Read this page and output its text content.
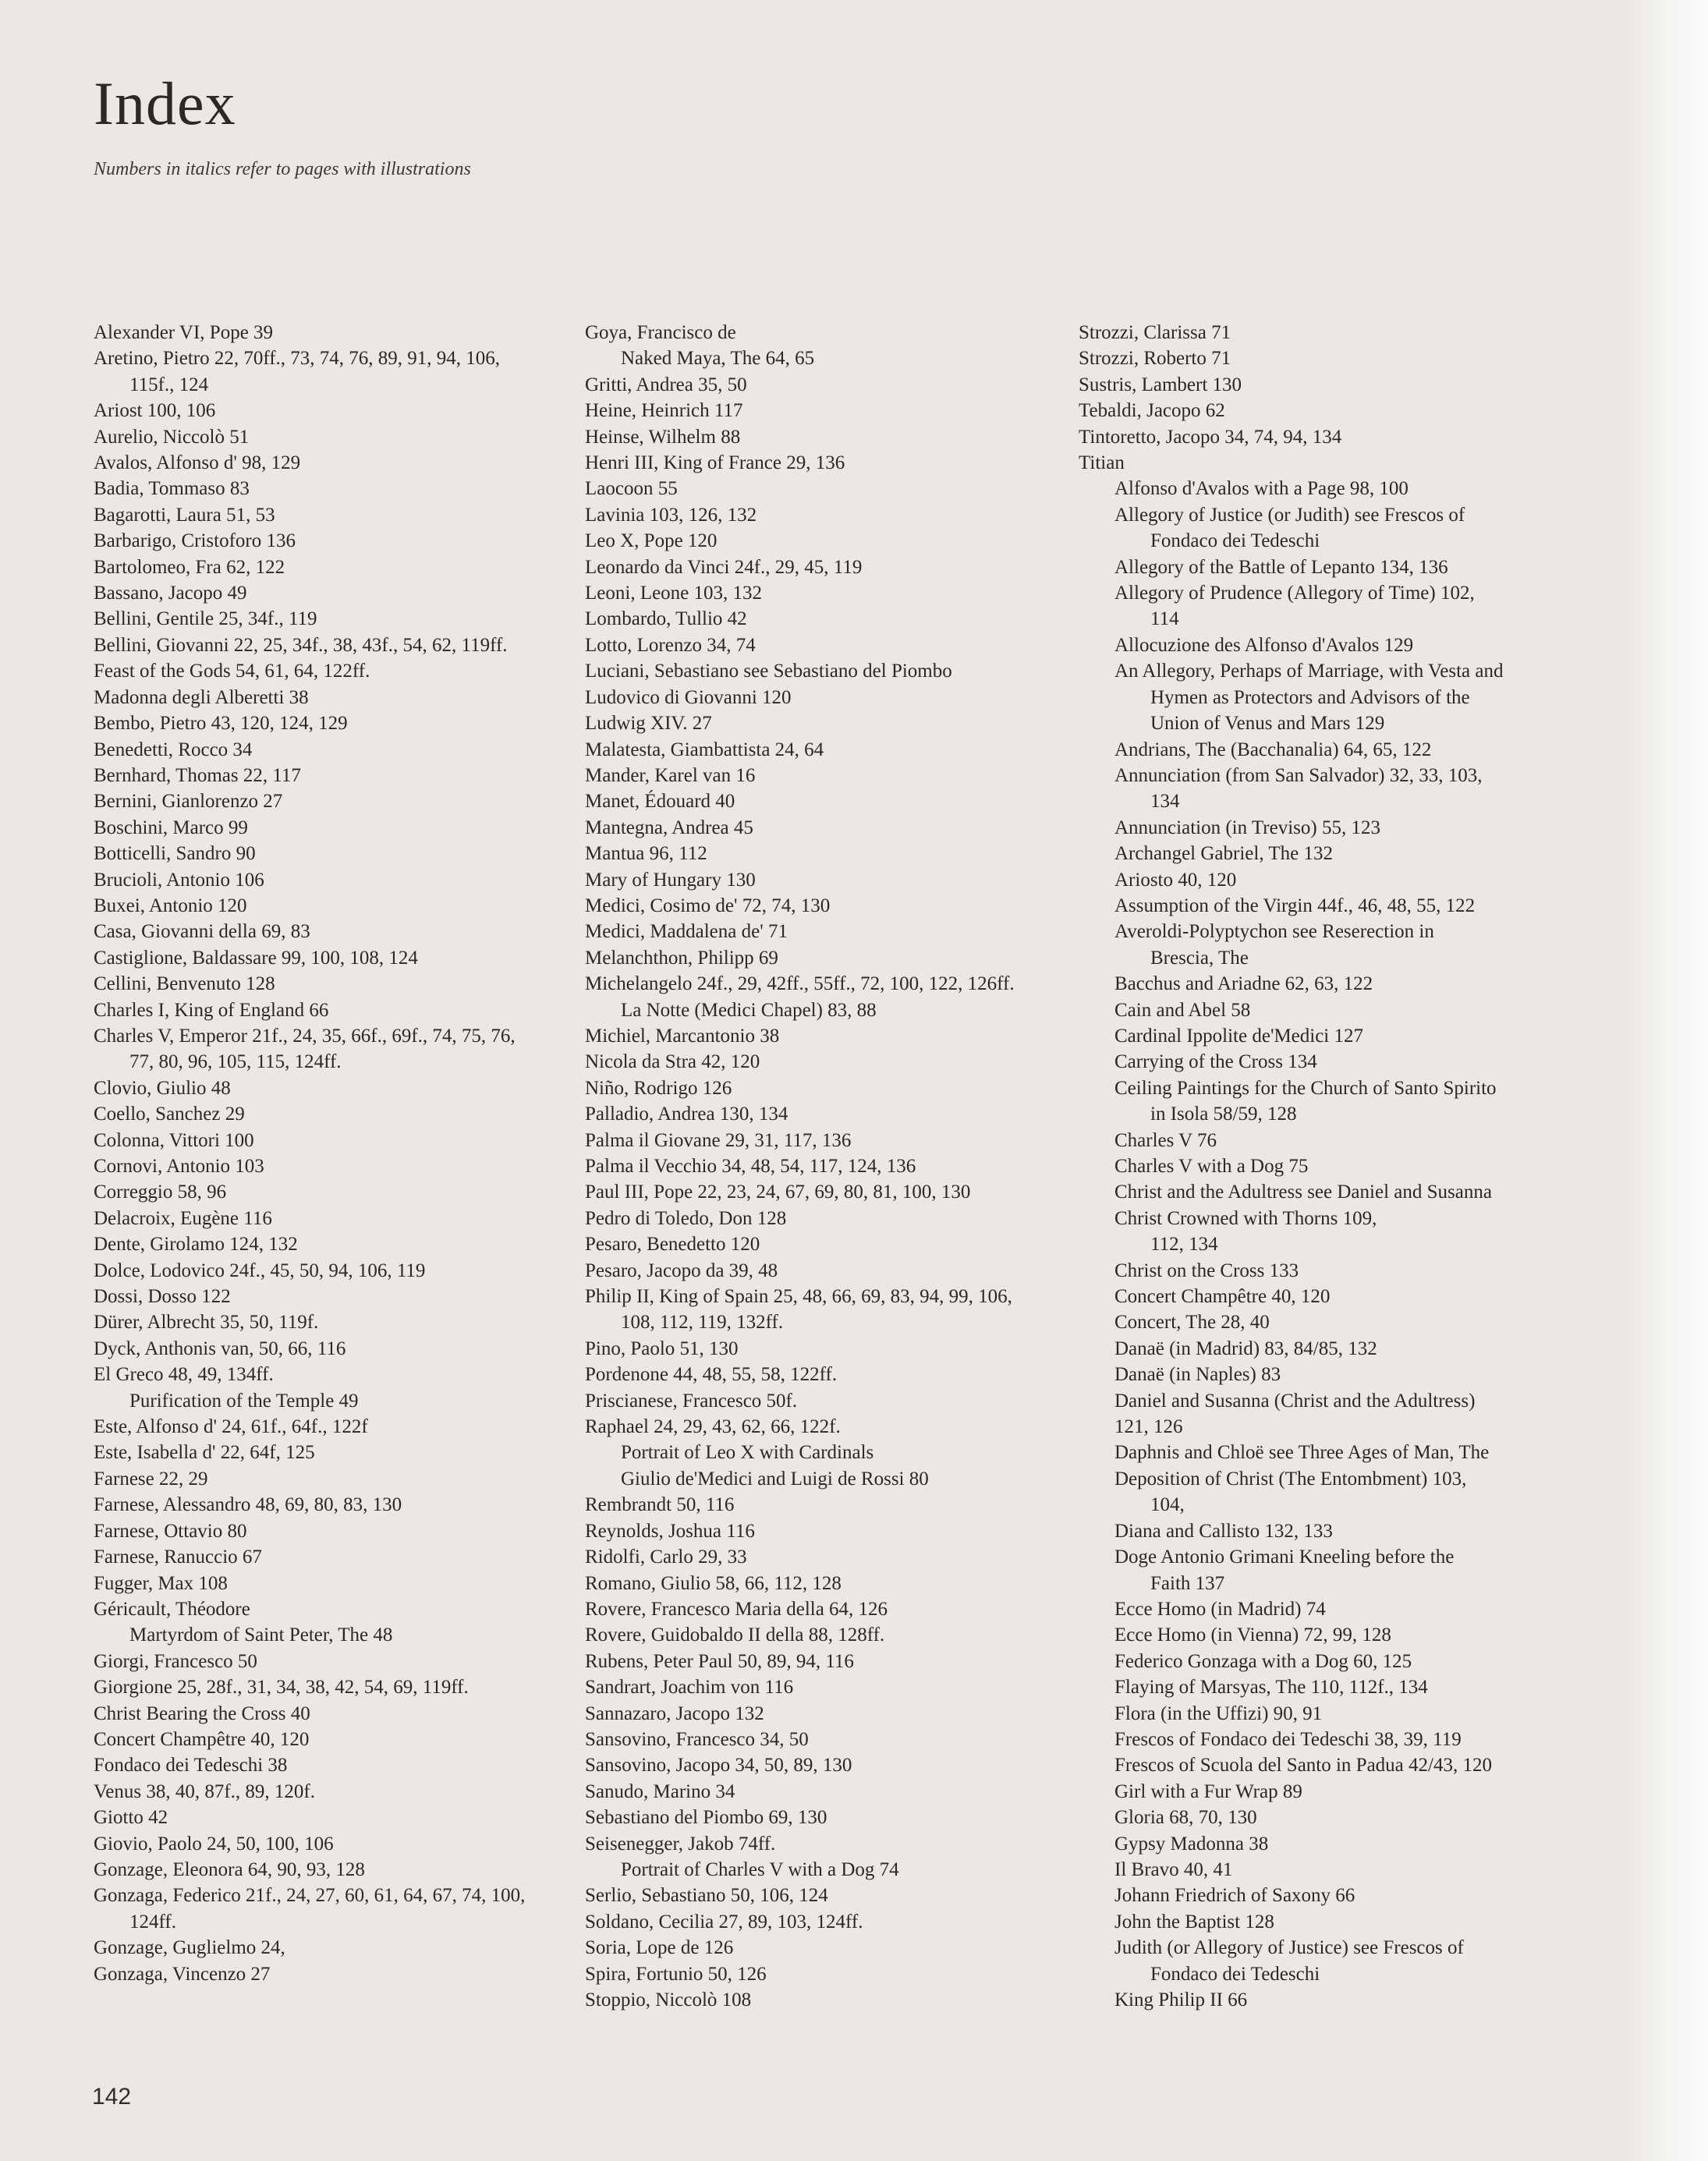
Index

Numbers in italics refer to pages with illustrations

Alexander VI, Pope 39
Aretino, Pietro 22, 70ff., 73, 74, 76, 89, 91, 94, 106,
115f., 124
Ariost 100, 106
Aurelio, Niccolò 51
Avalos, Alfonso d' 98, 129
Badia, Tommaso 83
Bagarotti, Laura 51, 53
Barbarigo, Cristoforo 136
Bartolomeo, Fra 62, 122
Bassano, Jacopo 49
Bellini, Gentile 25, 34f., 119
Bellini, Giovanni 22, 25, 34f., 38, 43f., 54, 62, 119ff.
Feast of the Gods 54, 61, 64, 122ff.
Madonna degli Alberetti 38
Bembo, Pietro 43, 120, 124, 129
Benedetti, Rocco 34
Bernhard, Thomas 22, 117
Bernini, Gianlorenzo 27
Boschini, Marco 99
Botticelli, Sandro 90
Brucioli, Antonio 106
Buxei, Antonio 120
Casa, Giovanni della 69, 83
Castiglione, Baldassare 99, 100, 108, 124
Cellini, Benvenuto 128
Charles I, King of England 66
Charles V, Emperor 21f., 24, 35, 66f., 69f., 74, 75, 76,
77, 80, 96, 105, 115, 124ff.
Clovio, Giulio 48
Coello, Sanchez 29
Colonna, Vittori 100
Cornovi, Antonio 103
Correggio 58, 96
Delacroix, Eugène 116
Dente, Girolamo 124, 132
Dolce, Lodovico 24f., 45, 50, 94, 106, 119
Dossi, Dosso 122
Dürer, Albrecht 35, 50, 119f.
Dyck, Anthonis van, 50, 66, 116
El Greco 48, 49, 134ff.
Purification of the Temple 49
Este, Alfonso d' 24, 61f., 64f., 122f
Este, Isabella d' 22, 64f, 125
Farnese 22, 29
Farnese, Alessandro 48, 69, 80, 83, 130
Farnese, Ottavio 80
Farnese, Ranuccio 67
Fugger, Max 108
Géricault, Théodore
Martyrdom of Saint Peter, The 48
Giorgi, Francesco 50
Giorgione 25, 28f., 31, 34, 38, 42, 54, 69, 119ff.
Christ Bearing the Cross 40
Concert Champêtre 40, 120
Fondaco dei Tedeschi 38
Venus 38, 40, 87f., 89, 120f.
Giotto 42
Giovio, Paolo 24, 50, 100, 106
Gonzage, Eleonora 64, 90, 93, 128
Gonzaga, Federico 21f., 24, 27, 60, 61, 64, 67, 74, 100,
124ff.
Gonzage, Guglielmo 24,
Gonzaga, Vincenzo 27
Goya, Francisco de
Naked Maya, The 64, 65
Gritti, Andrea 35, 50
Heine, Heinrich 117
Heinse, Wilhelm 88
Henri III, King of France 29, 136
Laocoon 55
Lavinia 103, 126, 132
Leo X, Pope 120
Leonardo da Vinci 24f., 29, 45, 119
Leoni, Leone 103, 132
Lombardo, Tullio 42
Lotto, Lorenzo 34, 74
Luciani, Sebastiano see Sebastiano del Piombo
Ludovico di Giovanni 120
Ludwig XIV. 27
Malatesta, Giambattista 24, 64
Mander, Karel van 16
Manet, Édouard 40
Mantegna, Andrea 45
Mantua 96, 112
Mary of Hungary 130
Medici, Cosimo de' 72, 74, 130
Medici, Maddalena de' 71
Melanchthon, Philipp 69
Michelangelo 24f., 29, 42ff., 55ff., 72, 100, 122, 126ff.
La Notte (Medici Chapel) 83, 88
Michiel, Marcantonio 38
Nicola da Stra 42, 120
Niño, Rodrigo 126
Palladio, Andrea 130, 134
Palma il Giovane 29, 31, 117, 136
Palma il Vecchio 34, 48, 54, 117, 124, 136
Paul III, Pope 22, 23, 24, 67, 69, 80, 81, 100, 130
Pedro di Toledo, Don 128
Pesaro, Benedetto 120
Pesaro, Jacopo da 39, 48
Philip II, King of Spain 25, 48, 66, 69, 83, 94, 99, 106,
108, 112, 119, 132ff.
Pino, Paolo 51, 130
Pordenone 44, 48, 55, 58, 122ff.
Priscianese, Francesco 50f.
Raphael 24, 29, 43, 62, 66, 122f.
Portrait of Leo X with Cardinals
Giulio de'Medici and Luigi de Rossi 80
Rembrandt 50, 116
Reynolds, Joshua 116
Ridolfi, Carlo 29, 33
Romano, Giulio 58, 66, 112, 128
Rovere, Francesco Maria della 64, 126
Rovere, Guidobaldo II della 88, 128ff.
Rubens, Peter Paul 50, 89, 94, 116
Sandrart, Joachim von 116
Sannazaro, Jacopo 132
Sansovino, Francesco 34, 50
Sansovino, Jacopo 34, 50, 89, 130
Sanudo, Marino 34
Sebastiano del Piombo 69, 130
Seisenegger, Jakob 74ff.
Portrait of Charles V with a Dog 74
Serlio, Sebastiano 50, 106, 124
Soldano, Cecilia 27, 89, 103, 124ff.
Soria, Lope de 126
Spira, Fortunio 50, 126
Stoppio, Niccolò 108
Strozzi, Clarissa 71
Strozzi, Roberto 71
Sustris, Lambert 130
Tebaldi, Jacopo 62
Tintoretto, Jacopo 34, 74, 94, 134
Titian
Alfonso d'Avalos with a Page 98, 100
Allegory of Justice (or Judith) see Frescos of
Fondaco dei Tedeschi
Allegory of the Battle of Lepanto 134, 136
Allegory of Prudence (Allegory of Time) 102,
114
Allocuzione des Alfonso d'Avalos 129
An Allegory, Perhaps of Marriage, with Vesta and
Hymen as Protectors and Advisors of the
Union of Venus and Mars 129
Andrians, The (Bacchanalia) 64, 65, 122
Annunciation (from San Salvador) 32, 33, 103,
134
Annunciation (in Treviso) 55, 123
Archangel Gabriel, The 132
Ariosto 40, 120
Assumption of the Virgin 44f., 46, 48, 55, 122
Averoldi-Polyptychon see Reserection in
Brescia, The
Bacchus and Ariadne 62, 63, 122
Cain and Abel 58
Cardinal Ippolite de'Medici 127
Carrying of the Cross 134
Ceiling Paintings for the Church of Santo Spirito
in Isola 58/59, 128
Charles V 76
Charles V with a Dog 75
Christ and the Adultress see Daniel and Susanna
Christ Crowned with Thorns 109,
112, 134
Christ on the Cross 133
Concert Champêtre 40, 120
Concert, The 28, 40
Danaë (in Madrid) 83, 84/85, 132
Danaë (in Naples) 83
Daniel and Susanna (Christ and the Adultress)
121, 126
Daphnis and Chloë see Three Ages of Man, The
Deposition of Christ (The Entombment) 103,
104,
Diana and Callisto 132, 133
Doge Antonio Grimani Kneeling before the
Faith 137
Ecce Homo (in Madrid) 74
Ecce Homo (in Vienna) 72, 99, 128
Federico Gonzaga with a Dog 60, 125
Flaying of Marsyas, The 110, 112f., 134
Flora (in the Uffizi) 90, 91
Frescos of Fondaco dei Tedeschi 38, 39, 119
Frescos of Scuola del Santo in Padua 42/43, 120
Girl with a Fur Wrap 89
Gloria 68, 70, 130
Gypsy Madonna 38
Il Bravo 40, 41
Johann Friedrich of Saxony 66
John the Baptist 128
Judith (or Allegory of Justice) see Frescos of
Fondaco dei Tedeschi
King Philip II 66

142
